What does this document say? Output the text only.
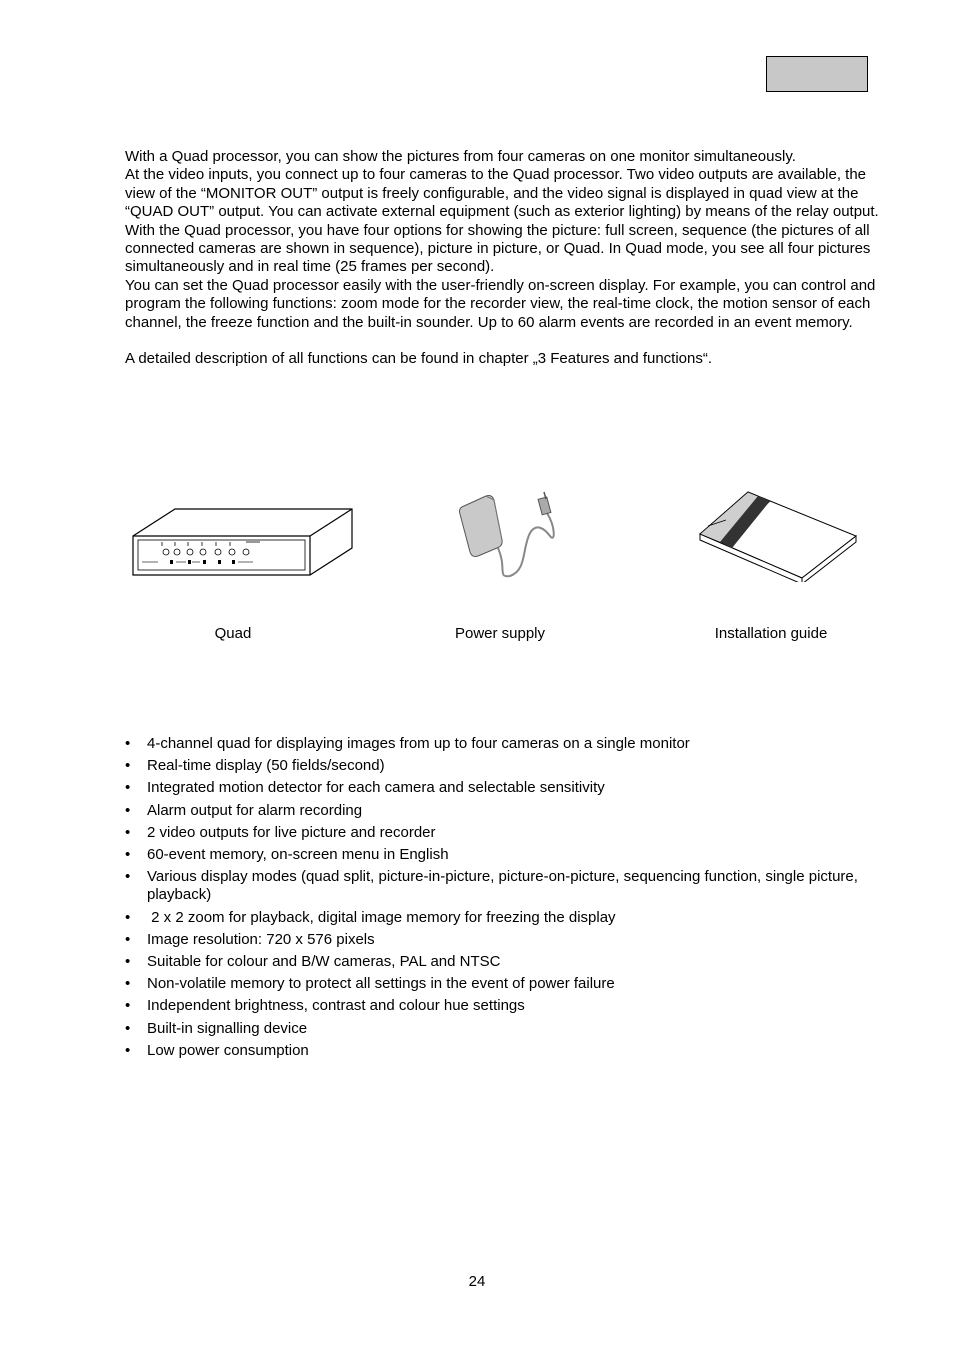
With a Quad processor, you can show the pictures from four cameras on one monitor simultaneously.

At the video inputs, you connect up to four cameras to the Quad processor. Two video outputs are available, the view of the “MONITOR OUT” output is freely configurable, and the video signal is displayed in quad view at the “QUAD OUT” output. You can activate external equipment (such as exterior lighting) by means of the relay output.

With the Quad processor, you have four options for showing the picture: full screen, sequence (the pictures of all connected cameras are shown in sequence), picture in picture, or Quad. In Quad mode, you see all four pictures simultaneously and in real time (25 frames per second).

You can set the Quad processor easily with the user-friendly on-screen display. For example, you can control and program the following functions: zoom mode for the recorder view, the real-time clock, the motion sensor of each channel, the freeze function and the built-in sounder. Up to 60 alarm events are recorded in an event memory.

A detailed description of all functions can be found in chapter „3 Features and functions“.

Quad	Power supply	Installation guide
• 4-channel quad for displaying images from up to four cameras on a single monitor
• Real-time display (50 fields/second)
• Integrated motion detector for each camera and selectable sensitivity
• Alarm output for alarm recording
• 2 video outputs for live picture and recorder
• 60-event memory, on-screen menu in English
• Various display modes (quad split, picture-in-picture, picture-on-picture, sequencing function, single picture, playback)
•  2 x 2 zoom for playback, digital image memory for freezing the display
• Image resolution: 720 x 576 pixels
• Suitable for colour and B/W cameras, PAL and NTSC
• Non-volatile memory to protect all settings in the event of power failure
• Independent brightness, contrast and colour hue settings
• Built-in signalling device
• Low power consumption
24
